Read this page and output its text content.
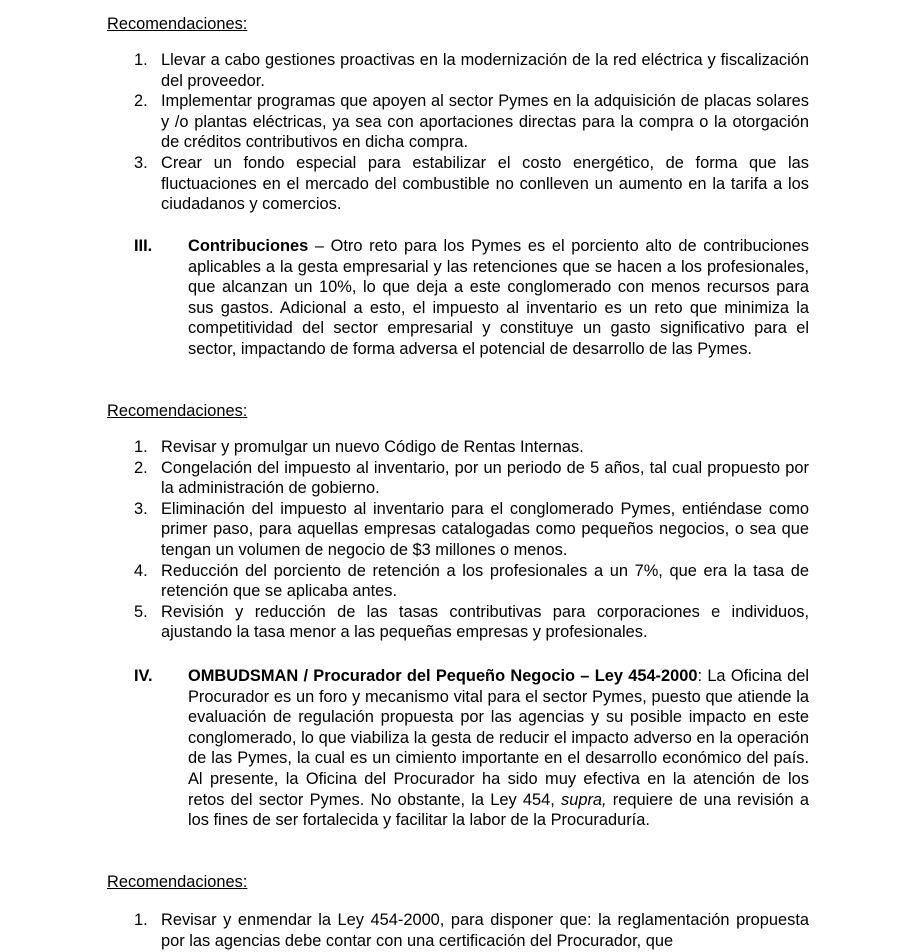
Recomendaciones:

1. Llevar a cabo gestiones proactivas en la modernización de la red eléctrica y fiscalización del proveedor.
2. Implementar programas que apoyen al sector Pymes en la adquisición de placas solares y /o plantas eléctricas, ya sea con aportaciones directas para la compra o la otorgación de créditos contributivos en dicha compra.
3. Crear un fondo especial para estabilizar el costo energético, de forma que las fluctuaciones en el mercado del combustible no conlleven un aumento en la tarifa a los ciudadanos y comercios.
III. Contribuciones – Otro reto para los Pymes es el porciento alto de contribuciones aplicables a la gesta empresarial y las retenciones que se hacen a los profesionales, que alcanzan un 10%, lo que deja a este conglomerado con menos recursos para sus gastos. Adicional a esto, el impuesto al inventario es un reto que minimiza la competitividad del sector empresarial y constituye un gasto significativo para el sector, impactando de forma adversa el potencial de desarrollo de las Pymes.

Recomendaciones:

1. Revisar y promulgar un nuevo Código de Rentas Internas.
2. Congelación del impuesto al inventario, por un periodo de 5 años, tal cual propuesto por la administración de gobierno.
3. Eliminación del impuesto al inventario para el conglomerado Pymes, entiéndase como primer paso, para aquellas empresas catalogadas como pequeños negocios, o sea que tengan un volumen de negocio de $3 millones o menos.
4. Reducción del porciento de retención a los profesionales a un 7%, que era la tasa de retención que se aplicaba antes.
5. Revisión y reducción de las tasas contributivas para corporaciones e individuos, ajustando la tasa menor a las pequeñas empresas y profesionales.
IV. OMBUDSMAN / Procurador del Pequeño Negocio – Ley 454-2000: La Oficina del Procurador es un foro y mecanismo vital para el sector Pymes, puesto que atiende la evaluación de regulación propuesta por las agencias y su posible impacto en este conglomerado, lo que viabiliza la gesta de reducir el impacto adverso en la operación de las Pymes, la cual es un cimiento importante en el desarrollo económico del país. Al presente, la Oficina del Procurador ha sido muy efectiva en la atención de los retos del sector Pymes. No obstante, la Ley 454, supra, requiere de una revisión a los fines de ser fortalecida y facilitar la labor de la Procuraduría.

Recomendaciones:

1. Revisar y enmendar la Ley 454-2000, para disponer que: la reglamentación propuesta por las agencias debe contar con una certificación del Procurador, que
